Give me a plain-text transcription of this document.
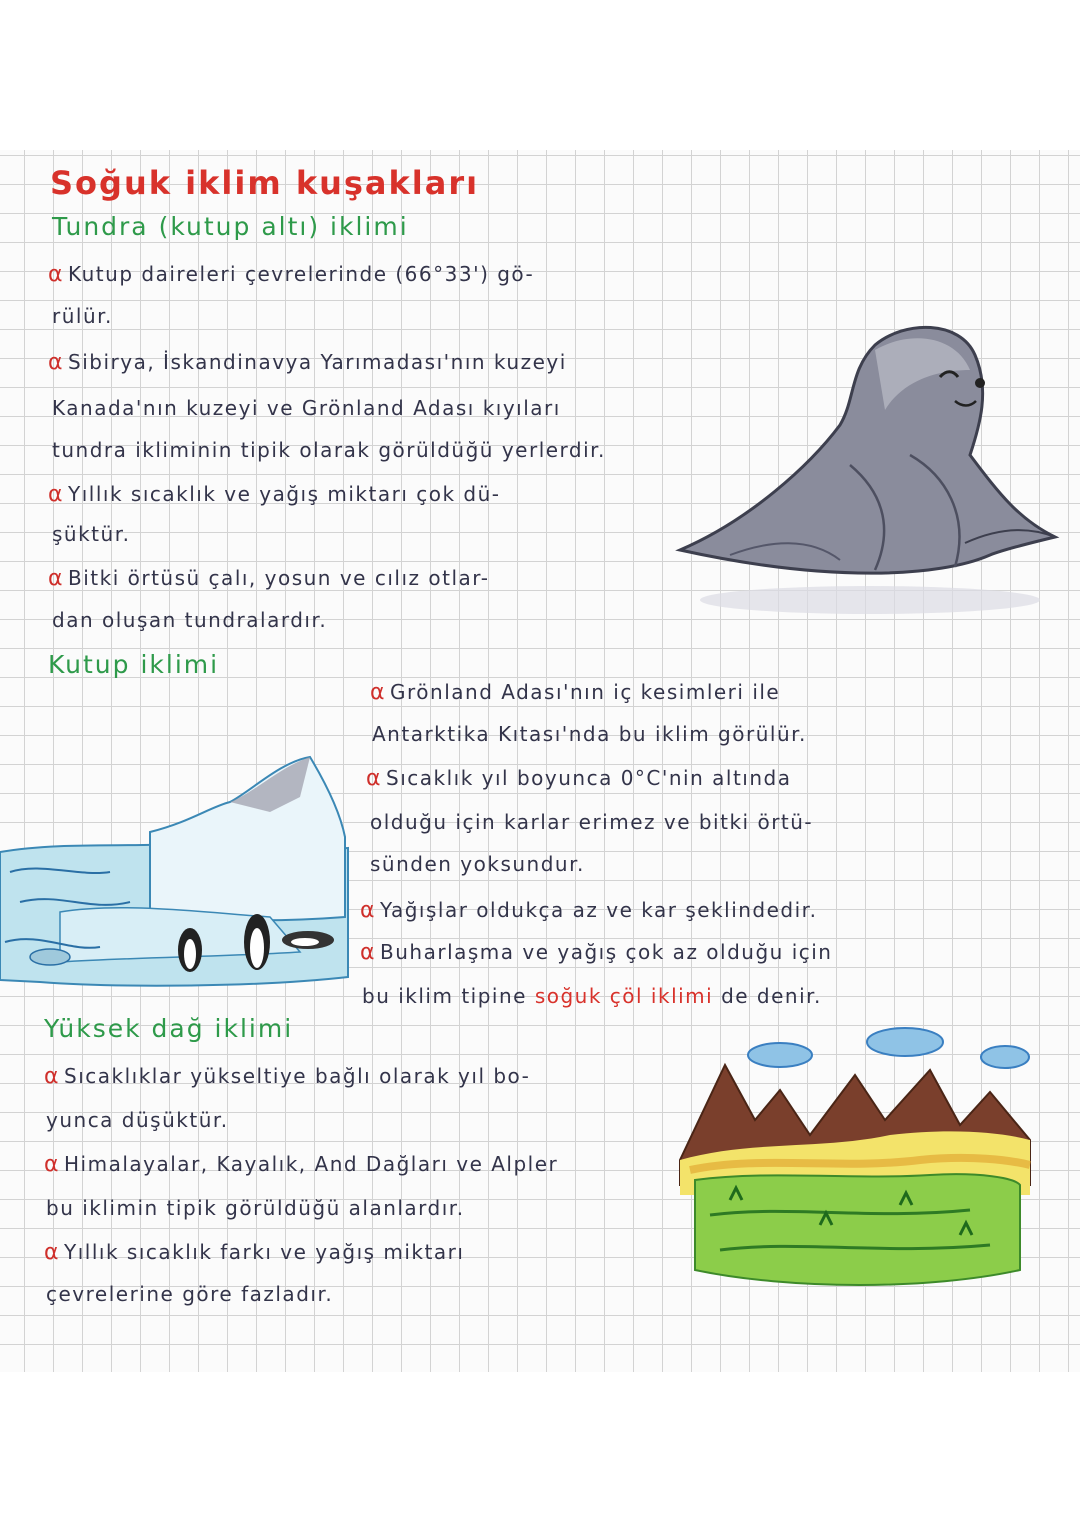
Soğuk iklim kuşakları
Tundra (kutup altı) iklimi
α Kutup daireleri çevrelerinde (66°33') gö-
rülür.
α Sibirya, İskandinavya Yarımadası'nın kuzeyi
Kanada'nın kuzeyi ve Grönland Adası kıyıları
tundra ikliminin tipik olarak görüldüğü yerlerdir.
α Yıllık sıcaklık ve yağış miktarı çok dü-
şüktür.
α Bitki örtüsü çalı, yosun ve cılız otlar-
dan oluşan tundralardır.
Kutup iklimi
α Grönland Adası'nın iç kesimleri ile
Antarktika Kıtası'nda bu iklim görülür.
α Sıcaklık yıl boyunca 0°C'nin altında
olduğu için karlar erimez ve bitki örtü-
sünden yoksundur.
α Yağışlar oldukça az ve kar şeklindedir.
α Buharlaşma ve yağış çok az olduğu için
bu iklim tipine soğuk çöl iklimi de denir.
Yüksek dağ iklimi
α Sıcaklıklar yükseltiye bağlı olarak yıl bo-
yunca düşüktür.
α Himalayalar, Kayalık, And Dağları ve Alpler
bu iklimin tipik görüldüğü alanlardır.
α Yıllık sıcaklık farkı ve yağış miktarı
çevrelerine göre fazladır.
